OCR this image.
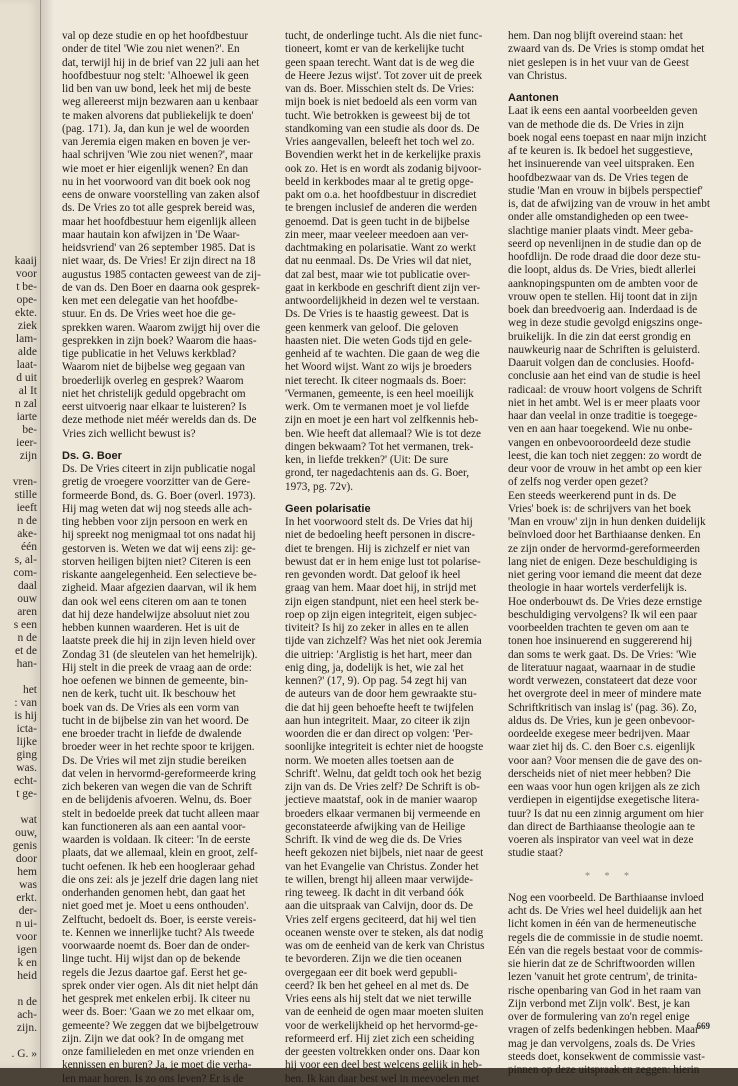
kaaij
voor
t be-
ope-
ekte.
ziek
lam-
alde
laat-
d uit
al It
n zal
iarte
be-
ieer-
zijn
vren-
stille
ieeft
n de
ake-
één
s, al-
com-
daal
ouw
aren
s een
n de
et de
han-
het
: van
is hij
icta-
lijke
ging
was.
echt-
t ge-
wat
ouw,
genis
door
hem
was
erkt.
der-
n ui-
voor
igen
k en
heid
n de
ach-
zijn.
. G. »
val op deze studie en op het hoofdbestuur
onder de titel 'Wie zou niet wenen?'. En
dat, terwijl hij in de brief van 22 juli aan het
hoofdbestuur nog stelt: 'Alhoewel ik geen
lid ben van uw bond, leek het mij de beste
weg allereerst mijn bezwaren aan u kenbaar
te maken alvorens dat publiekelijk te doen'
(pag. 171). Ja, dan kun je wel de woorden
van Jeremia eigen maken en boven je ver-
haal schrijven 'Wie zou niet wenen?', maar
wie moet er hier eigenlijk wenen? En dan
nu in het voorwoord van dit boek ook nog
eens de onware voorstelling van zaken alsof
ds. De Vries zo tot alle gesprek bereid was,
maar het hoofdbestuur hem eigenlijk alleen
maar hautain kon afwijzen in 'De Waar-
heidsvriend' van 26 september 1985. Dat is
niet waar, ds. De Vries! Er zijn direct na 18
augustus 1985 contacten geweest van de zij-
de van ds. Den Boer en daarna ook gesprek-
ken met een delegatie van het hoofdbe-
stuur. En ds. De Vries weet hoe die ge-
sprekken waren. Waarom zwijgt hij over die
gesprekken in zijn boek? Waarom die haas-
tige publicatie in het Veluws kerkblad?
Waarom niet de bijbelse weg gegaan van
broederlijk overleg en gesprek? Waarom
niet het christelijk geduld opgebracht om
eerst uitvoerig naar elkaar te luisteren? Is
deze methode niet méér werelds dan ds. De
Vries zich wellicht bewust is?
Ds. G. Boer
Ds. De Vries citeert in zijn publicatie nogal
gretig de vroegere voorzitter van de Gere-
formeerde Bond, ds. G. Boer (overl. 1973).
Hij mag weten dat wij nog steeds alle ach-
ting hebben voor zijn persoon en werk en
hij spreekt nog menigmaal tot ons nadat hij
gestorven is. Weten we dat wij eens zij: ge-
storven heiligen bijten niet? Citeren is een
riskante aangelegenheid. Een selectieve be-
zigheid. Maar afgezien daarvan, wil ik hem
dan ook wel eens citeren om aan te tonen
dat hij deze handelwijze absoluut niet zou
hebben kunnen waarderen. Het is uit de
laatste preek die hij in zijn leven hield over
Zondag 31 (de sleutelen van het hemelrijk).
Hij stelt in die preek de vraag aan de orde:
hoe oefenen we binnen de gemeente, bin-
nen de kerk, tucht uit. Ik beschouw het
boek van ds. De Vries als een vorm van
tucht in de bijbelse zin van het woord. De
ene broeder tracht in liefde de dwalende
broeder weer in het rechte spoor te krijgen.
Ds. De Vries wil met zijn studie bereiken
dat velen in hervormd-gereformeerde kring
zich bekeren van wegen die van de Schrift
en de belijdenis afvoeren. Welnu, ds. Boer
stelt in bedoelde preek dat tucht alleen maar
kan functioneren als aan een aantal voor-
waarden is voldaan. Ik citeer: 'In de eerste
plaats, dat we allemaal, klein en groot, zelf-
tucht oefenen. Ik heb een hoogleraar gehad
die ons zei: als je jezelf drie dagen lang niet
onderhanden genomen hebt, dan gaat het
niet goed met je. Moet u eens onthouden'.
Zelftucht, bedoelt ds. Boer, is eerste vereis-
te. Kennen we innerlijke tucht? Als tweede
voorwaarde noemt ds. Boer dan de onder-
linge tucht. Hij wijst dan op de bekende
regels die Jezus daartoe gaf. Eerst het ge-
sprek onder vier ogen. Als dit niet helpt dán
het gesprek met enkelen erbij. Ik citeer nu
weer ds. Boer: 'Gaan we zo met elkaar om,
gemeente? We zeggen dat we bijbelgetrouw
zijn. Zijn we dat ook? In de omgang met
onze familieleden en met onze vrienden en
kennissen en buren? Ja, je moet die verha-
len maar horen. Is zo ons leven? Er is de
tucht, de onderlinge tucht. Als die niet func-
tioneert, komt er van de kerkelijke tucht
geen spaan terecht. Want dat is de weg die
de Heere Jezus wijst'. Tot zover uit de preek
van ds. Boer. Misschien stelt ds. De Vries:
mijn boek is niet bedoeld als een vorm van
tucht. Wie betrokken is geweest bij de tot
standkoming van een studie als door ds. De
Vries aangevallen, beleeft het toch wel zo.
Bovendien werkt het in de kerkelijke praxis
ook zo. Het is en wordt als zodanig bijvoor-
beeld in kerkbodes maar al te gretig opge-
pakt om o.a. het hoofdbestuur in discrediet
te brengen inclusief de anderen die werden
genoemd. Dat is geen tucht in de bijbelse
zin meer, maar veeleer meedoen aan ver-
dachtmaking en polarisatie. Want zo werkt
dat nu eenmaal. Ds. De Vries wil dat niet,
dat zal best, maar wie tot publicatie over-
gaat in kerkbode en geschrift dient zijn ver-
antwoordelijkheid in dezen wel te verstaan.
Ds. De Vries is te haastig geweest. Dat is
geen kenmerk van geloof. Die geloven
haasten niet. Die weten Gods tijd en gele-
genheid af te wachten. Die gaan de weg die
het Woord wijst. Want zo wijs je broeders
niet terecht. Ik citeer nogmaals ds. Boer:
'Vermanen, gemeente, is een heel moeilijk
werk. Om te vermanen moet je vol liefde
zijn en moet je een hart vol zelfkennis heb-
ben. Wie heeft dat allemaal? Wie is tot deze
dingen bekwaam? Tot het vermanen, trek-
ken, in liefde trekken?' (Uit: De sure
grond, ter nagedachtenis aan ds. G. Boer,
1973, pg. 72v).
Geen polarisatie
In het voorwoord stelt ds. De Vries dat hij
niet de bedoeling heeft personen in discre-
diet te brengen. Hij is zichzelf er niet van
bewust dat er in hem enige lust tot polarise-
ren gevonden wordt. Dat geloof ik heel
graag van hem. Maar doet hij, in strijd met
zijn eigen standpunt, niet een heel sterk be-
roep op zijn eigen integriteit, eigen subjec-
tiviteit? Is hij zo zeker in alles en te allen
tijde van zichzelf? Was het niet ook Jeremia
die uitriep: 'Arglistig is het hart, meer dan
enig ding, ja, dodelijk is het, wie zal het
kennen?' (17, 9). Op pag. 54 zegt hij van
de auteurs van de door hem gewraakte stu-
die dat hij geen behoefte heeft te twijfelen
aan hun integriteit. Maar, zo citeer ik zijn
woorden die er dan direct op volgen: 'Per-
soonlijke integriteit is echter niet de hoogste
norm. We moeten alles toetsen aan de
Schrift'. Welnu, dat geldt toch ook het bezig
zijn van ds. De Vries zelf? De Schrift is ob-
jectieve maatstaf, ook in de manier waarop
broeders elkaar vermanen bij vermeende en
geconstateerde afwijking van de Heilige
Schrift. Ik vind de weg die ds. De Vries
heeft gekozen niet bijbels, niet naar de geest
van het Evangelie van Christus. Zonder het
te willen, brengt hij alleen maar verwijde-
ring teweeg. Ik dacht in dit verband óók
aan die uitspraak van Calvijn, door ds. De
Vries zelf ergens geciteerd, dat hij wel tien
oceanen wenste over te steken, als dat nodig
was om de eenheid van de kerk van Christus
te bevorderen. Zijn we die tien oceanen
overgegaan eer dit boek werd gepubli-
ceerd? Ik ben het geheel en al met ds. De
Vries eens als hij stelt dat we niet terwille
van de eenheid de ogen maar moeten sluiten
voor de werkelijkheid op het hervormd-ge-
reformeerd erf. Hij ziet zich een scheiding
der geesten voltrekken onder ons. Daar kon
hij voor een deel best welcens gelijk in heb-
ben. Ik kan daar best wel in meevoelen met
hem. Dan nog blijft overeind staan: het
zwaard van ds. De Vries is stomp omdat het
niet geslepen is in het vuur van de Geest
van Christus.
Aantonen
Laat ik eens een aantal voorbeelden geven
van de methode die ds. De Vries in zijn
boek nogal eens toepast en naar mijn inzicht
af te keuren is. Ik bedoel het suggestieve,
het insinuerende van veel uitspraken. Een
hoofdbezwaar van ds. De Vries tegen de
studie 'Man en vrouw in bijbels perspectief'
is, dat de afwijzing van de vrouw in het ambt
onder alle omstandigheden op een twee-
slachtige manier plaats vindt. Meer geba-
seerd op nevenlijnen in de studie dan op de
hoofdlijn. De rode draad die door deze stu-
die loopt, aldus ds. De Vries, biedt allerlei
aanknopingspunten om de ambten voor de
vrouw open te stellen. Hij toont dat in zijn
boek dan breedvoerig aan. Inderdaad is de
weg in deze studie gevolgd enigszins onge-
bruikelijk. In die zin dat eerst grondig en
nauwkeurig naar de Schriften is geluisterd.
Daaruit volgen dan de conclusies. Hoofd-
conclusie aan het eind van de studie is heel
radicaal: de vrouw hoort volgens de Schrift
niet in het ambt. Wel is er meer plaats voor
haar dan veelal in onze traditie is toegege-
ven en aan haar toegekend. Wie nu onbe-
vangen en onbevooroordeeld deze studie
leest, die kan toch niet zeggen: zo wordt de
deur voor de vrouw in het ambt op een kier
of zelfs nog verder open gezet?
Een steeds weerkerend punt in ds. De
Vries' boek is: de schrijvers van het boek
'Man en vrouw' zijn in hun denken duidelijk
beïnvloed door het Barthiaanse denken. En
ze zijn onder de hervormd-gereformeerden
lang niet de enigen. Deze beschuldiging is
niet gering voor iemand die meent dat deze
theologie in haar wortels verderfelijk is.
Hoe onderbouwt ds. De Vries deze ernstige
beschuldiging vervolgens? Ik wil een paar
voorbeelden trachten te geven om aan te
tonen hoe insinuerend en suggererend hij
dan soms te werk gaat. Ds. De Vries: 'Wie
de literatuur nagaat, waarnaar in de studie
wordt verwezen, constateert dat deze voor
het overgrote deel in meer of mindere mate
Schriftkritisch van inslag is' (pag. 36). Zo,
aldus ds. De Vries, kun je geen onbevoor-
oordeelde exegese meer bedrijven. Maar
waar ziet hij ds. C. den Boer c.s. eigenlijk
voor aan? Voor mensen die de gave des on-
derscheids niet of niet meer hebben? Die
een waas voor hun ogen krijgen als ze zich
verdiepen in eigentijdse exegetische litera-
tuur? Is dat nu een zinnig argument om hier
dan direct de Barthiaanse theologie aan te
voeren als inspirator van veel wat in deze
studie staat?
* * *
Nog een voorbeeld. De Barthiaanse invloed
acht ds. De Vries wel heel duidelijk aan het
licht komen in één van de hermeneutische
regels die de commissie in de studie noemt.
Eén van die regels bestaat voor de commis-
sie hierin dat ze de Schriftwoorden willen
lezen 'vanuit het grote centrum', de trinita-
rische openbaring van God in het raam van
Zijn verbond met Zijn volk'. Best, je kan
over de formulering van zo'n regel enige
vragen of zelfs bedenkingen hebben. Maar
mag je dan vervolgens, zoals ds. De Vries
steeds doet, konsekwent de commissie vast-
pinnen op deze uitspraak en zeggen: hierin
669
